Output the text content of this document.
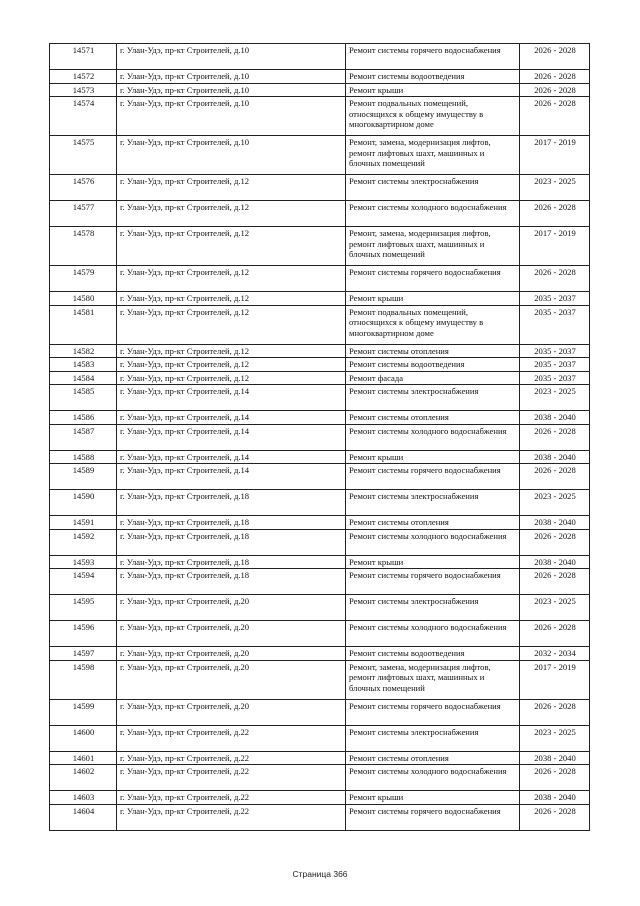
14571	г. Улан-Удэ, пр-кт Строителей, д.10	Ремонт системы горячего водоснабжения	2026 - 2028
14572	г. Улан-Удэ, пр-кт Строителей, д.10	Ремонт системы водоотведения	2026 - 2028
14573	г. Улан-Удэ, пр-кт Строителей, д.10	Ремонт крыши	2026 - 2028
14574	г. Улан-Удэ, пр-кт Строителей, д.10	Ремонт подвальных помещений, относящихся к общему имуществу в многоквартирном доме	2026 - 2028
14575	г. Улан-Удэ, пр-кт Строителей, д.10	Ремонт, замена, модернизация лифтов, ремонт лифтовых шахт, машинных и блочных помещений	2017 - 2019
14576	г. Улан-Удэ, пр-кт Строителей, д.12	Ремонт системы электроснабжения	2023 - 2025
14577	г. Улан-Удэ, пр-кт Строителей, д.12	Ремонт системы холодного водоснабжения	2026 - 2028
14578	г. Улан-Удэ, пр-кт Строителей, д.12	Ремонт, замена, модернизация лифтов, ремонт лифтовых шахт, машинных и блочных помещений	2017 - 2019
14579	г. Улан-Удэ, пр-кт Строителей, д.12	Ремонт системы горячего водоснабжения	2026 - 2028
14580	г. Улан-Удэ, пр-кт Строителей, д.12	Ремонт крыши	2035 - 2037
14581	г. Улан-Удэ, пр-кт Строителей, д.12	Ремонт подвальных помещений, относящихся к общему имуществу в многоквартирном доме	2035 - 2037
14582	г. Улан-Удэ, пр-кт Строителей, д.12	Ремонт системы отопления	2035 - 2037
14583	г. Улан-Удэ, пр-кт Строителей, д.12	Ремонт системы водоотведения	2035 - 2037
14584	г. Улан-Удэ, пр-кт Строителей, д.12	Ремонт фасада	2035 - 2037
14585	г. Улан-Удэ, пр-кт Строителей, д.14	Ремонт системы электроснабжения	2023 - 2025
14586	г. Улан-Удэ, пр-кт Строителей, д.14	Ремонт системы отопления	2038 - 2040
14587	г. Улан-Удэ, пр-кт Строителей, д.14	Ремонт системы холодного водоснабжения	2026 - 2028
14588	г. Улан-Удэ, пр-кт Строителей, д.14	Ремонт крыши	2038 - 2040
14589	г. Улан-Удэ, пр-кт Строителей, д.14	Ремонт системы горячего водоснабжения	2026 - 2028
14590	г. Улан-Удэ, пр-кт Строителей, д.18	Ремонт системы электроснабжения	2023 - 2025
14591	г. Улан-Удэ, пр-кт Строителей, д.18	Ремонт системы отопления	2038 - 2040
14592	г. Улан-Удэ, пр-кт Строителей, д.18	Ремонт системы холодного водоснабжения	2026 - 2028
14593	г. Улан-Удэ, пр-кт Строителей, д.18	Ремонт крыши	2038 - 2040
14594	г. Улан-Удэ, пр-кт Строителей, д.18	Ремонт системы горячего водоснабжения	2026 - 2028
14595	г. Улан-Удэ, пр-кт Строителей, д.20	Ремонт системы электроснабжения	2023 - 2025
14596	г. Улан-Удэ, пр-кт Строителей, д.20	Ремонт системы холодного водоснабжения	2026 - 2028
14597	г. Улан-Удэ, пр-кт Строителей, д.20	Ремонт системы водоотведения	2032 - 2034
14598	г. Улан-Удэ, пр-кт Строителей, д.20	Ремонт, замена, модернизация лифтов, ремонт лифтовых шахт, машинных и блочных помещений	2017 - 2019
14599	г. Улан-Удэ, пр-кт Строителей, д.20	Ремонт системы горячего водоснабжения	2026 - 2028
14600	г. Улан-Удэ, пр-кт Строителей, д.22	Ремонт системы электроснабжения	2023 - 2025
14601	г. Улан-Удэ, пр-кт Строителей, д.22	Ремонт системы отопления	2038 - 2040
14602	г. Улан-Удэ, пр-кт Строителей, д.22	Ремонт системы холодного водоснабжения	2026 - 2028
14603	г. Улан-Удэ, пр-кт Строителей, д.22	Ремонт крыши	2038 - 2040
14604	г. Улан-Удэ, пр-кт Строителей, д.22	Ремонт системы горячего водоснабжения	2026 - 2028
Страница 366
